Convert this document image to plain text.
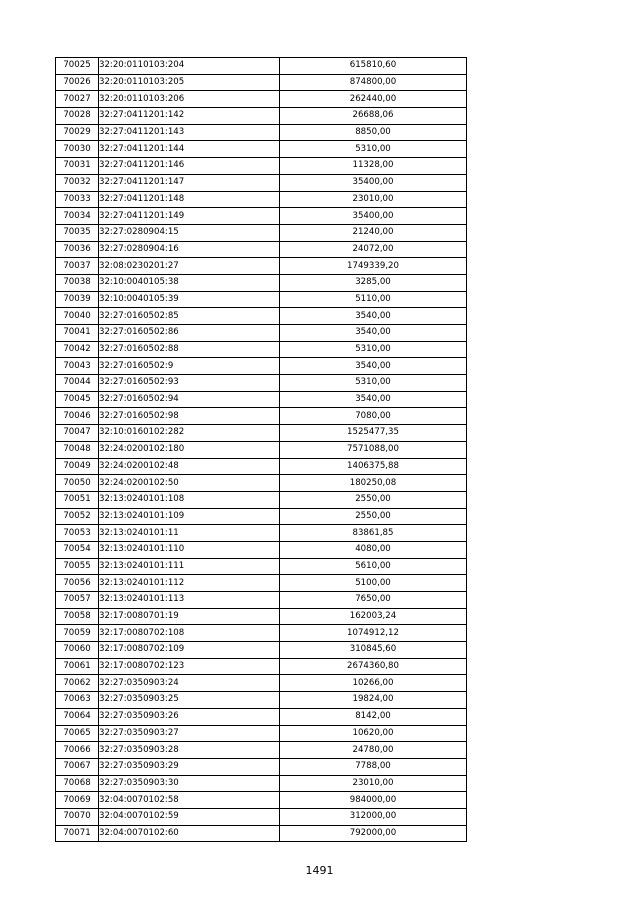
70025	32:20:0110103:204	615810,60
70026	32:20:0110103:205	874800,00
70027	32:20:0110103:206	262440,00
70028	32:27:0411201:142	26688,06
70029	32:27:0411201:143	8850,00
70030	32:27:0411201:144	5310,00
70031	32:27:0411201:146	11328,00
70032	32:27:0411201:147	35400,00
70033	32:27:0411201:148	23010,00
70034	32:27:0411201:149	35400,00
70035	32:27:0280904:15	21240,00
70036	32:27:0280904:16	24072,00
70037	32:08:0230201:27	1749339,20
70038	32:10:0040105:38	3285,00
70039	32:10:0040105:39	5110,00
70040	32:27:0160502:85	3540,00
70041	32:27:0160502:86	3540,00
70042	32:27:0160502:88	5310,00
70043	32:27:0160502:9	3540,00
70044	32:27:0160502:93	5310,00
70045	32:27:0160502:94	3540,00
70046	32:27:0160502:98	7080,00
70047	32:10:0160102:282	1525477,35
70048	32:24:0200102:180	7571088,00
70049	32:24:0200102:48	1406375,88
70050	32:24:0200102:50	180250,08
70051	32:13:0240101:108	2550,00
70052	32:13:0240101:109	2550,00
70053	32:13:0240101:11	83861,85
70054	32:13:0240101:110	4080,00
70055	32:13:0240101:111	5610,00
70056	32:13:0240101:112	5100,00
70057	32:13:0240101:113	7650,00
70058	32:17:0080701:19	162003,24
70059	32:17:0080702:108	1074912,12
70060	32:17:0080702:109	310845,60
70061	32:17:0080702:123	2674360,80
70062	32:27:0350903:24	10266,00
70063	32:27:0350903:25	19824,00
70064	32:27:0350903:26	8142,00
70065	32:27:0350903:27	10620,00
70066	32:27:0350903:28	24780,00
70067	32:27:0350903:29	7788,00
70068	32:27:0350903:30	23010,00
70069	32:04:0070102:58	984000,00
70070	32:04:0070102:59	312000,00
70071	32:04:0070102:60	792000,00
1491
